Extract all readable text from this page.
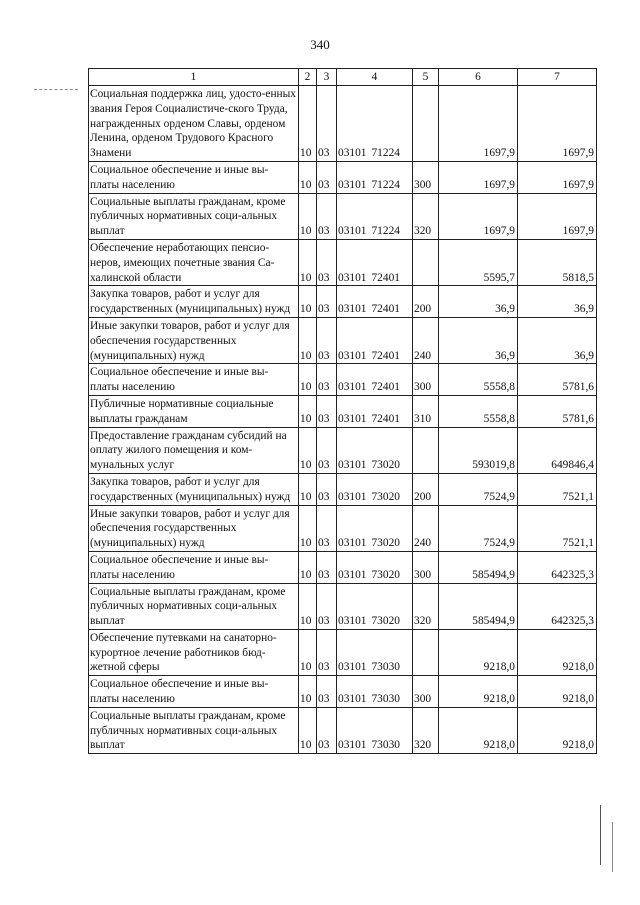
340
1	2	3	4	5	6	7
Социальная поддержка лиц, удосто-енных звания Героя Социалистиче-ского Труда, награжденных орденом Славы, орденом Ленина, орденом Трудового Красного Знамени	10	03	03101 71224		1697,9	1697,9
Социальное обеспечение и иные вы-платы населению	10	03	03101 71224	300	1697,9	1697,9
Социальные выплаты гражданам, кроме публичных нормативных соци-альных выплат	10	03	03101 71224	320	1697,9	1697,9
Обеспечение неработающих пенсио-неров, имеющих почетные звания Са-халинской области	10	03	03101 72401		5595,7	5818,5
Закупка товаров, работ и услуг для государственных (муниципальных) нужд	10	03	03101 72401	200	36,9	36,9
Иные закупки товаров, работ и услуг для обеспечения государственных (муниципальных) нужд	10	03	03101 72401	240	36,9	36,9
Социальное обеспечение и иные вы-платы населению	10	03	03101 72401	300	5558,8	5781,6
Публичные нормативные социальные выплаты гражданам	10	03	03101 72401	310	5558,8	5781,6
Предоставление гражданам субсидий на оплату жилого помещения и ком-мунальных услуг	10	03	03101 73020		593019,8	649846,4
Закупка товаров, работ и услуг для государственных (муниципальных) нужд	10	03	03101 73020	200	7524,9	7521,1
Иные закупки товаров, работ и услуг для обеспечения государственных (муниципальных) нужд	10	03	03101 73020	240	7524,9	7521,1
Социальное обеспечение и иные вы-платы населению	10	03	03101 73020	300	585494,9	642325,3
Социальные выплаты гражданам, кроме публичных нормативных соци-альных выплат	10	03	03101 73020	320	585494,9	642325,3
Обеспечение путевками на санаторно-курортное лечение работников бюд-жетной сферы	10	03	03101 73030		9218,0	9218,0
Социальное обеспечение и иные вы-платы населению	10	03	03101 73030	300	9218,0	9218,0
Социальные выплаты гражданам, кроме публичных нормативных соци-альных выплат	10	03	03101 73030	320	9218,0	9218,0
